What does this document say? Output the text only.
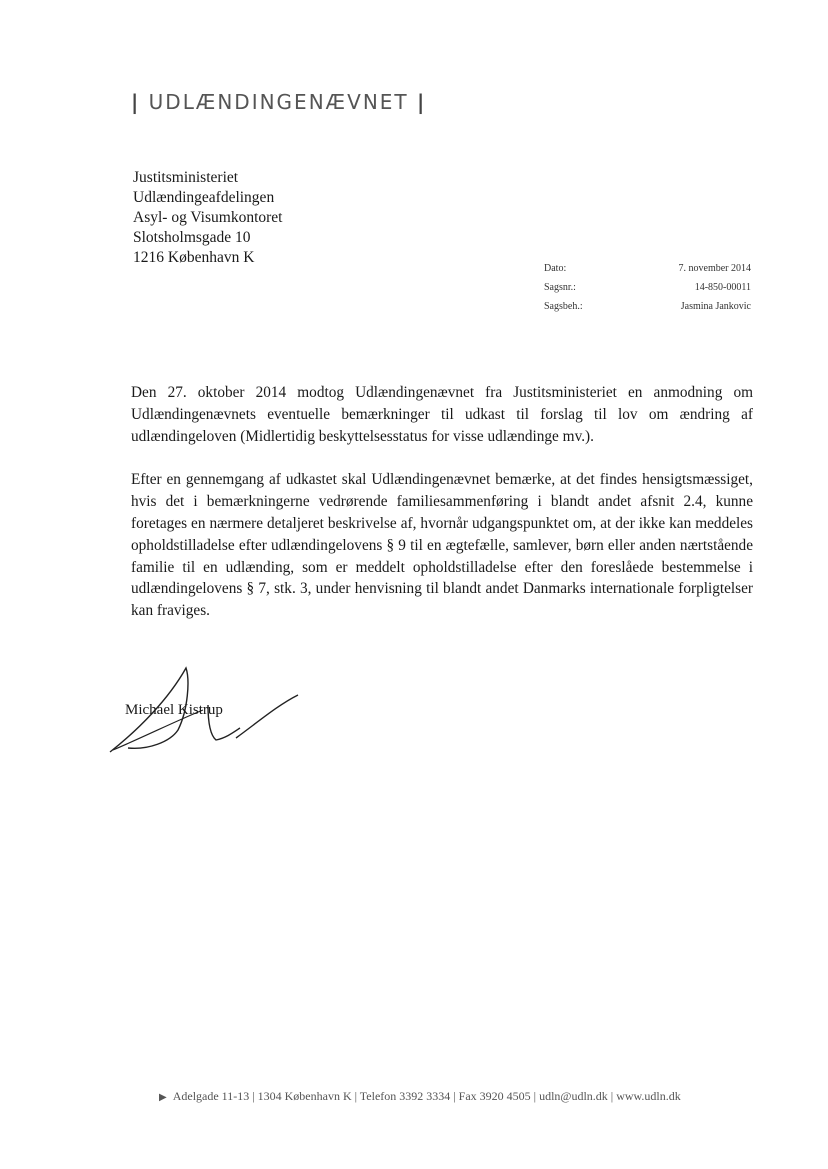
| UDLÆNDINGENÆVNET |
Justitsministeriet
Udlændingeafdelingen
Asyl- og Visumkontoret
Slotsholmsgade 10
1216 København K
Dato:	7. november 2014
Sagsnr.:	14-850-00011
Sagsbeh.:	Jasmina Jankovic

Den 27. oktober 2014 modtog Udlændingenævnet fra Justitsministeriet en anmodning om Udlændingenævnets eventuelle bemærkninger til udkast til forslag til lov om ændring af udlændingeloven (Midlertidig beskyttelsesstatus for visse udlændinge mv.).

Efter en gennemgang af udkastet skal Udlændingenævnet bemærke, at det findes hensigtsmæssiget, hvis det i bemærkningerne vedrørende familiesammenføring i blandt andet afsnit 2.4, kunne foretages en nærmere detaljeret beskrivelse af, hvornår udgangspunktet om, at der ikke kan meddeles opholdstilladelse efter udlændingelovens § 9 til en ægtefælle, samlever, børn eller anden nærtstående familie til en udlænding, som er meddelt opholdstilladelse efter den foreslåede bestemmelse i udlændingelovens § 7, stk. 3, under henvisning til blandt andet Danmarks internationale forpligtelser kan fraviges.

Michael Kistrup
▶ Adelgade 11-13 | 1304 København K | Telefon 3392 3334 | Fax 3920 4505 | udln@udln.dk | www.udln.dk
